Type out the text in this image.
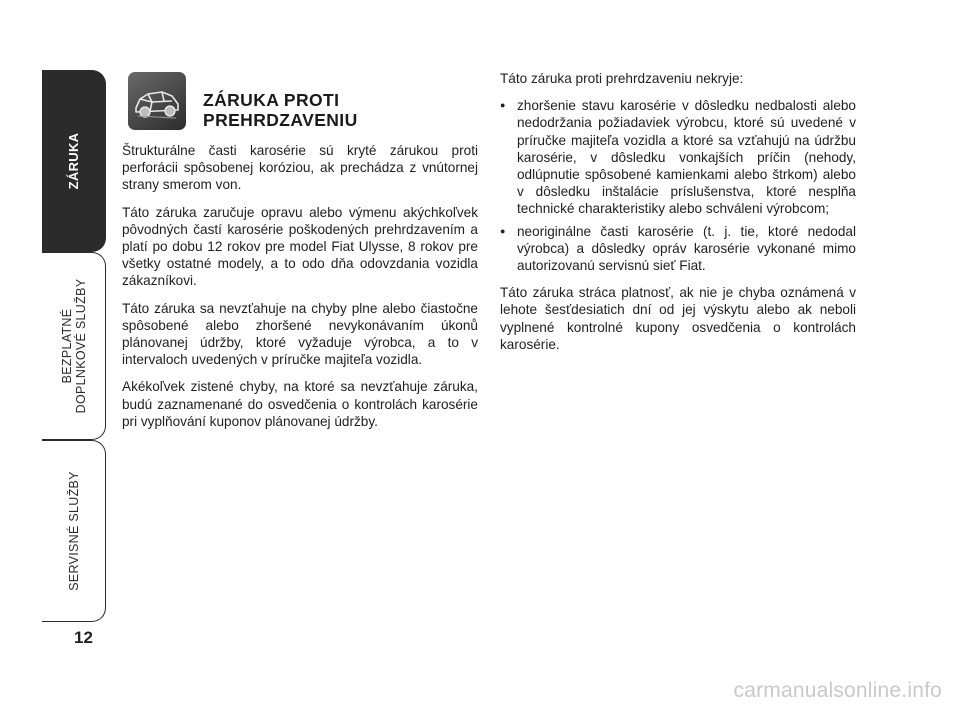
ZÁRUKA
BEZPLATNÉ DOPLNKOVÉ SLUŽBY
SERVISNÉ SLUŽBY
12
ZÁRUKA PROTI
PREHRDZAVENIU

Štrukturálne časti karosérie sú kryté zárukou proti perforácii spôsobenej koróziou, ak prechádza z vnútornej strany smerom von.

Táto záruka zaručuje opravu alebo výmenu akýchkoľvek pôvodných častí karosérie poškodených prehrdzavením a platí po dobu 12 rokov pre model Fiat Ulysse, 8 rokov pre všetky ostatné modely, a to odo dňa odovzdania vozidla zákazníkovi.

Táto záruka sa nevzťahuje na chyby plne alebo čiastočne spôsobené alebo zhoršené nevykonávaním úkonů plánovanej údržby, ktoré vyžaduje výrobca, a to v intervaloch uvedených v príručke majiteľa vozidla.

Akékoľvek zistené chyby, na ktoré sa nevzťahuje záruka, budú zaznamenané do osvedčenia o kontrolách karosérie pri vyplňování kuponov plánovanej údržby.

Táto záruka proti prehrdzaveniu nekryje:

● zhoršenie stavu karosérie v dôsledku nedbalosti alebo nedodržania požiadaviek výrobcu, ktoré sú uvedené v príručke majiteľa vozidla a ktoré sa vzťahujú na údržbu karosérie, v dôsledku vonkajších príčin (nehody, odlúpnutie spôsobené kamienkami alebo štrkom) alebo v dôsledku inštalácie príslušenstva, ktoré nesplňa technické charakteristiky alebo schváleni výrobcom;
● neoriginálne časti karosérie (t. j. tie, ktoré nedodal výrobca) a dôsledky opráv karosérie vykonané mimo autorizovanú servisnú sieť Fiat.

Táto záruka stráca platnosť, ak nie je chyba oznámená v lehote šesťdesiatich dní od jej výskytu alebo ak neboli vyplnené kontrolné kupony osvedčenia o kontrolách karosérie.

carmanualsonline.info
